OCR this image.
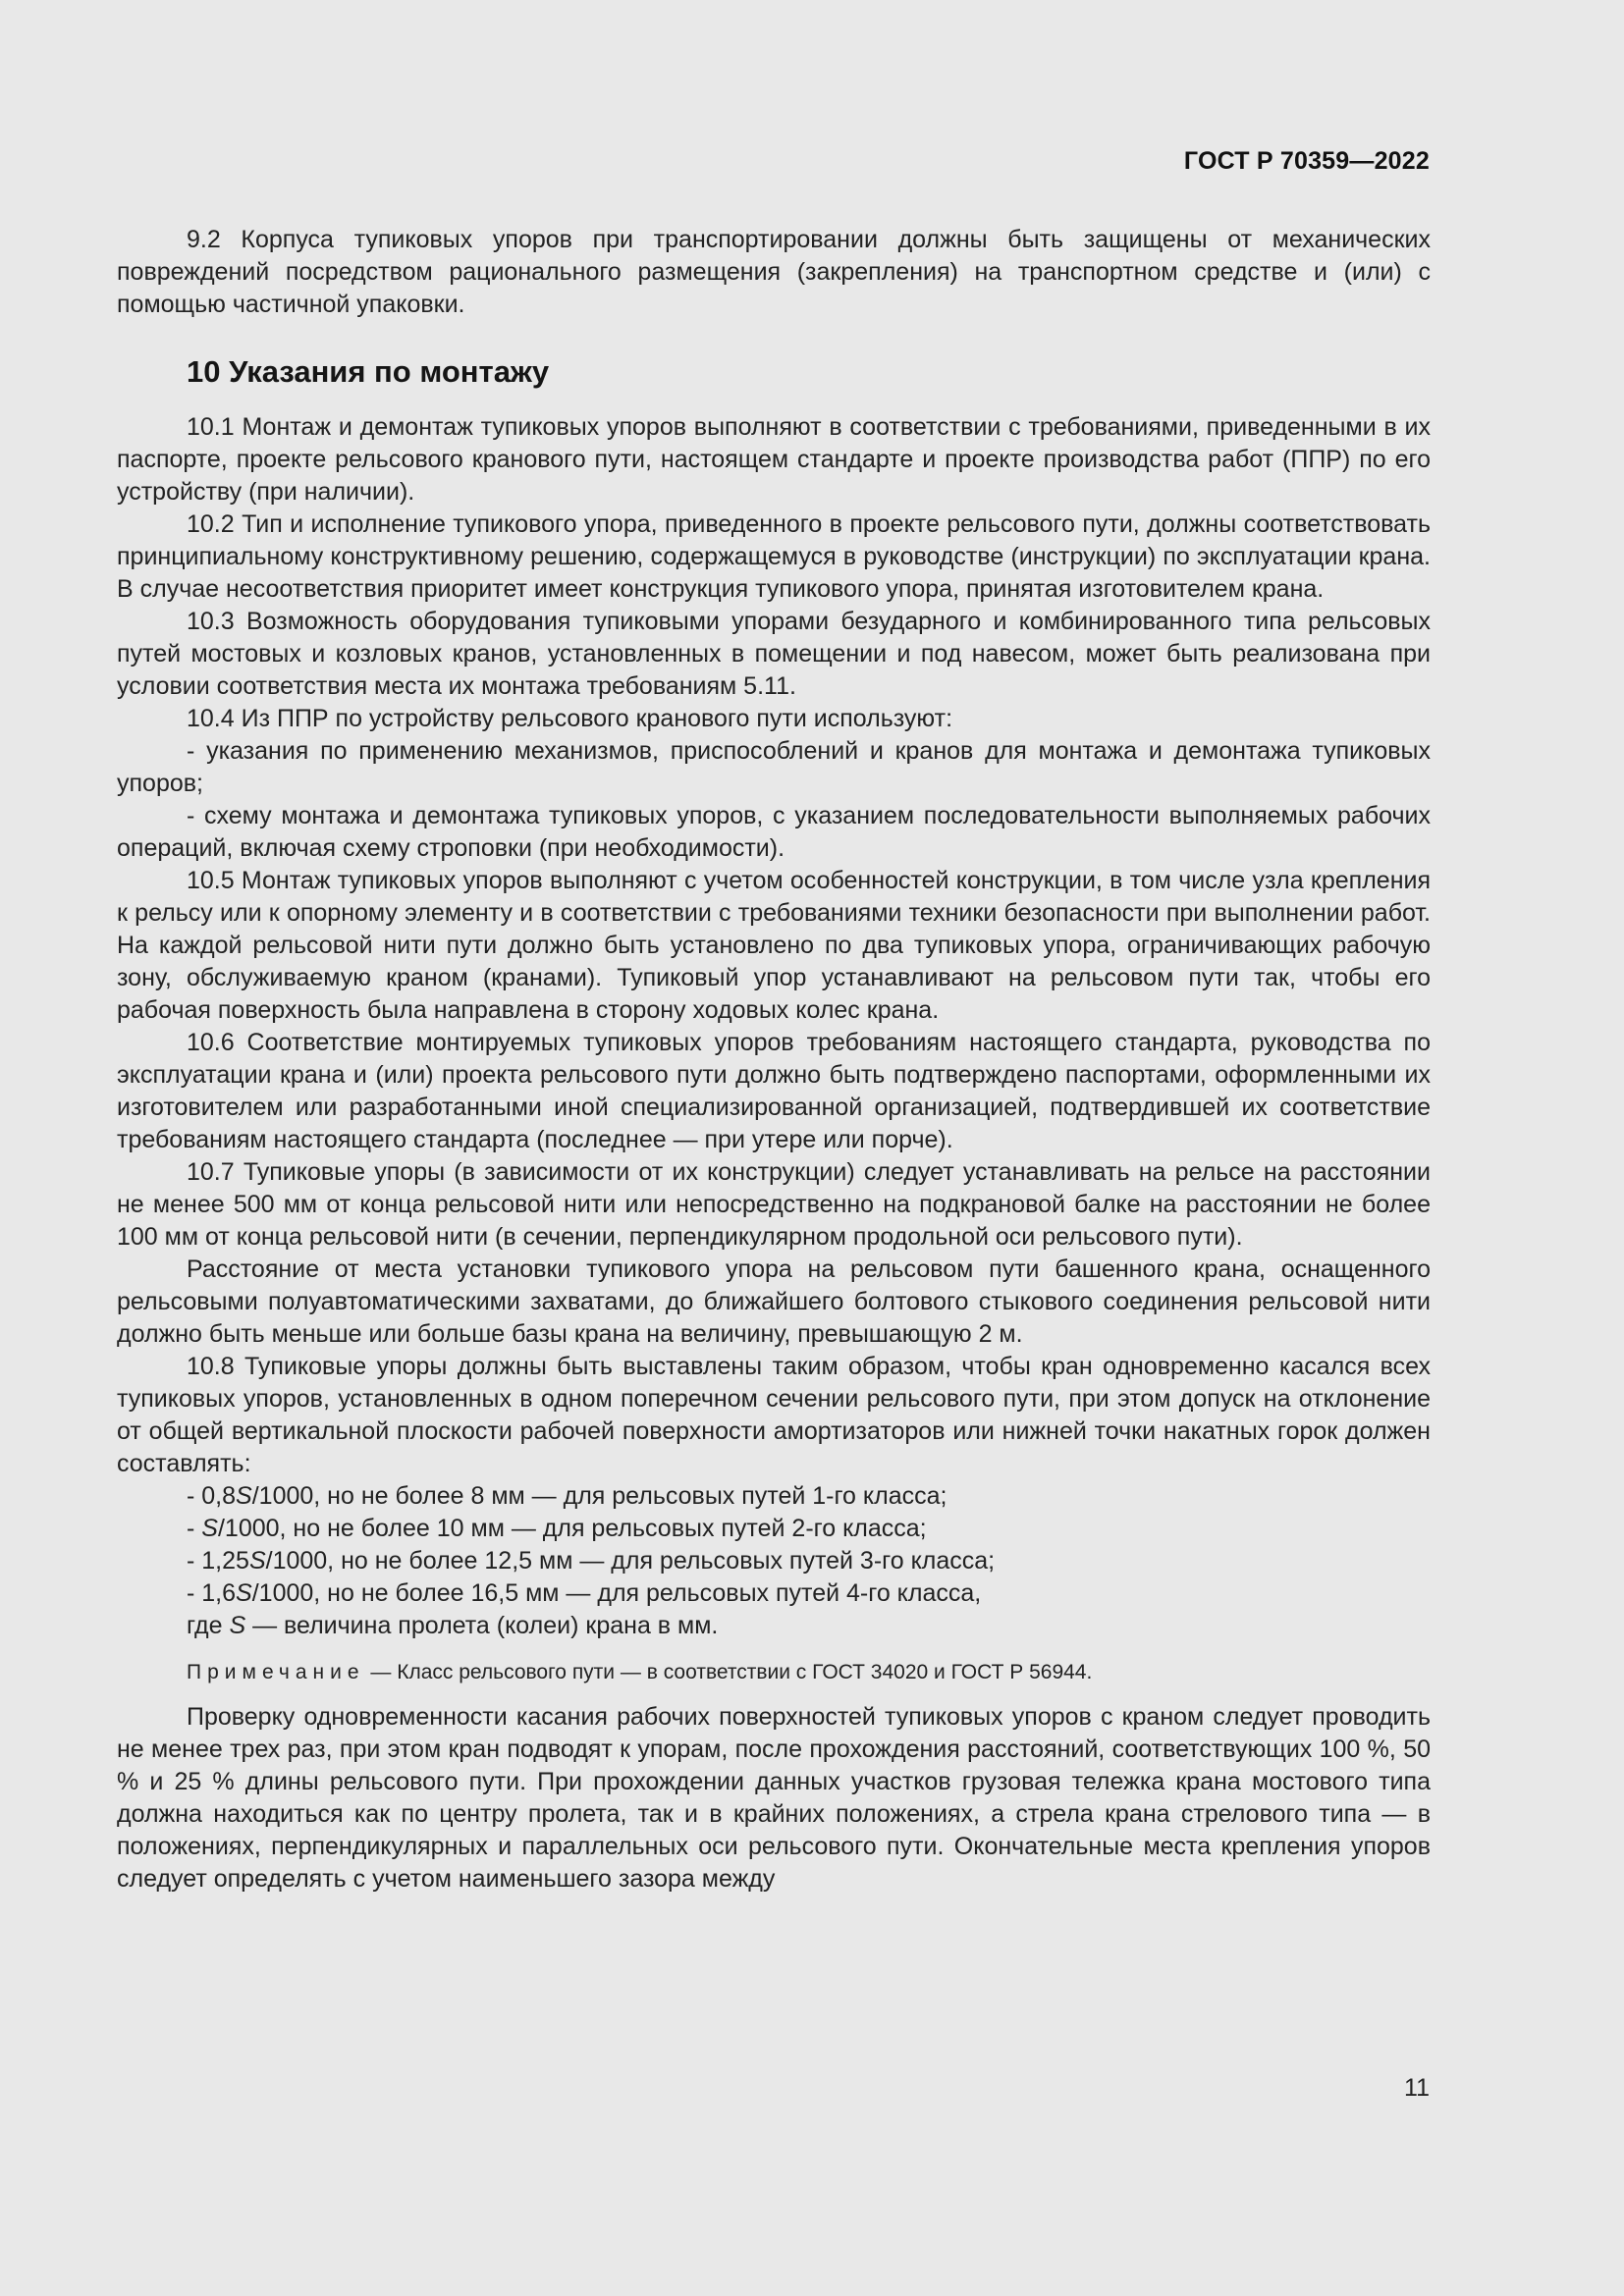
ГОСТ Р 70359—2022

9.2 Корпуса тупиковых упоров при транспортировании должны быть защищены от механических повреждений посредством рационального размещения (закрепления) на транспортном средстве и (или) с помощью частичной упаковки.

10 Указания по монтажу

10.1 Монтаж и демонтаж тупиковых упоров выполняют в соответствии с требованиями, приведенными в их паспорте, проекте рельсового кранового пути, настоящем стандарте и проекте производства работ (ППР) по его устройству (при наличии).

10.2 Тип и исполнение тупикового упора, приведенного в проекте рельсового пути, должны соответствовать принципиальному конструктивному решению, содержащемуся в руководстве (инструкции) по эксплуатации крана. В случае несоответствия приоритет имеет конструкция тупикового упора, принятая изготовителем крана.

10.3 Возможность оборудования тупиковыми упорами безударного и комбинированного типа рельсовых путей мостовых и козловых кранов, установленных в помещении и под навесом, может быть реализована при условии соответствия места их монтажа требованиям 5.11.

10.4 Из ППР по устройству рельсового кранового пути используют:

- указания по применению механизмов, приспособлений и кранов для монтажа и демонтажа тупиковых упоров;

- схему монтажа и демонтажа тупиковых упоров, с указанием последовательности выполняемых рабочих операций, включая схему строповки (при необходимости).

10.5 Монтаж тупиковых упоров выполняют с учетом особенностей конструкции, в том числе узла крепления к рельсу или к опорному элементу и в соответствии с требованиями техники безопасности при выполнении работ. На каждой рельсовой нити пути должно быть установлено по два тупиковых упора, ограничивающих рабочую зону, обслуживаемую краном (кранами). Тупиковый упор устанавливают на рельсовом пути так, чтобы его рабочая поверхность была направлена в сторону ходовых колес крана.

10.6 Соответствие монтируемых тупиковых упоров требованиям настоящего стандарта, руководства по эксплуатации крана и (или) проекта рельсового пути должно быть подтверждено паспортами, оформленными их изготовителем или разработанными иной специализированной организацией, подтвердившей их соответствие требованиям настоящего стандарта (последнее — при утере или порче).

10.7 Тупиковые упоры (в зависимости от их конструкции) следует устанавливать на рельсе на расстоянии не менее 500 мм от конца рельсовой нити или непосредственно на подкрановой балке на расстоянии не более 100 мм от конца рельсовой нити (в сечении, перпендикулярном продольной оси рельсового пути).

Расстояние от места установки тупикового упора на рельсовом пути башенного крана, оснащенного рельсовыми полуавтоматическими захватами, до ближайшего болтового стыкового соединения рельсовой нити должно быть меньше или больше базы крана на величину, превышающую 2 м.

10.8 Тупиковые упоры должны быть выставлены таким образом, чтобы кран одновременно касался всех тупиковых упоров, установленных в одном поперечном сечении рельсового пути, при этом допуск на отклонение от общей вертикальной плоскости рабочей поверхности амортизаторов или нижней точки накатных горок должен составлять:

- 0,8S/1000, но не более 8 мм — для рельсовых путей 1-го класса;

- S/1000, но не более 10 мм — для рельсовых путей 2-го класса;

- 1,25S/1000, но не более 12,5 мм — для рельсовых путей 3-го класса;

- 1,6S/1000, но не более 16,5 мм — для рельсовых путей 4-го класса,

где S — величина пролета (колеи) крана в мм.

Примечание — Класс рельсового пути — в соответствии с ГОСТ 34020 и ГОСТ Р 56944.

Проверку одновременности касания рабочих поверхностей тупиковых упоров с краном следует проводить не менее трех раз, при этом кран подводят к упорам, после прохождения расстояний, соответствующих 100 %, 50 % и 25 % длины рельсового пути. При прохождении данных участков грузовая тележка крана мостового типа должна находиться как по центру пролета, так и в крайних положениях, а стрела крана стрелового типа — в положениях, перпендикулярных и параллельных оси рельсового пути. Окончательные места крепления упоров следует определять с учетом наименьшего зазора между

11
